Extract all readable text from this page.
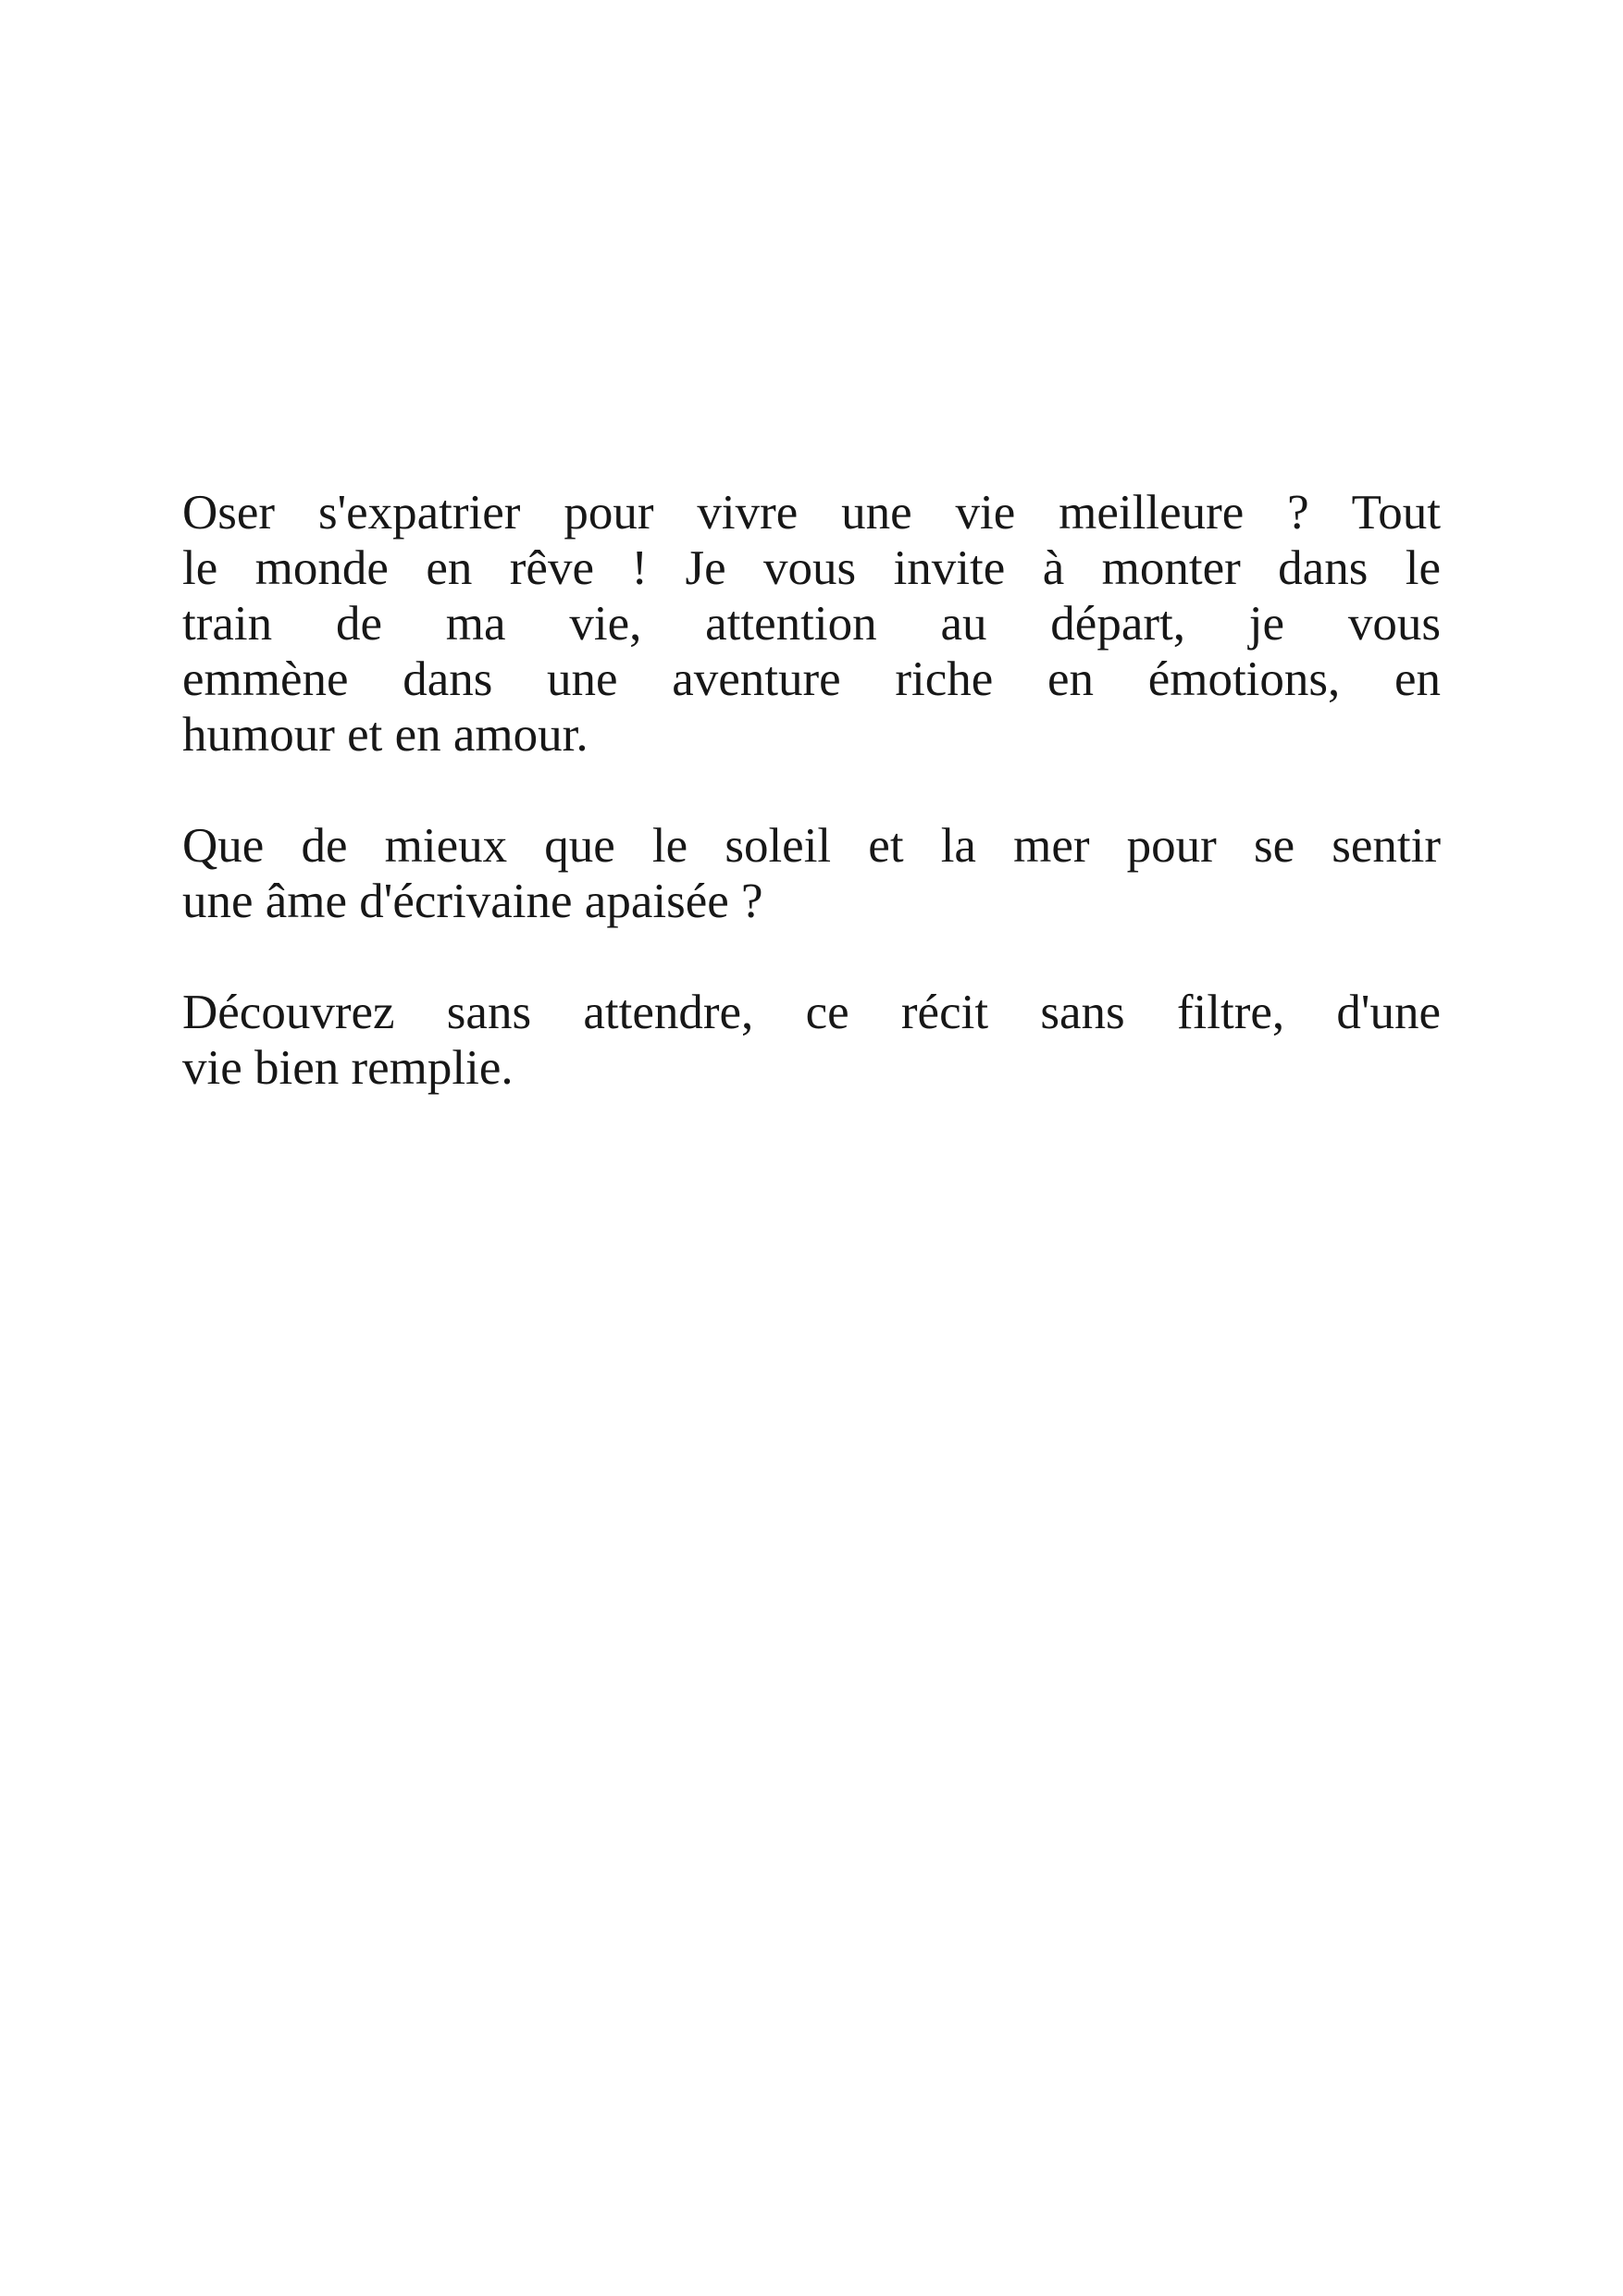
Oser s'expatrier pour vivre une vie meilleure ? Tout
le monde en rêve ! Je vous invite à monter dans le
train de ma vie, attention au départ, je vous
emmène dans une aventure riche en émotions, en
humour et en amour.
Que de mieux que le soleil et la mer pour se sentir
une âme d'écrivaine apaisée ?
Découvrez sans attendre, ce récit sans filtre, d'une
vie bien remplie.
